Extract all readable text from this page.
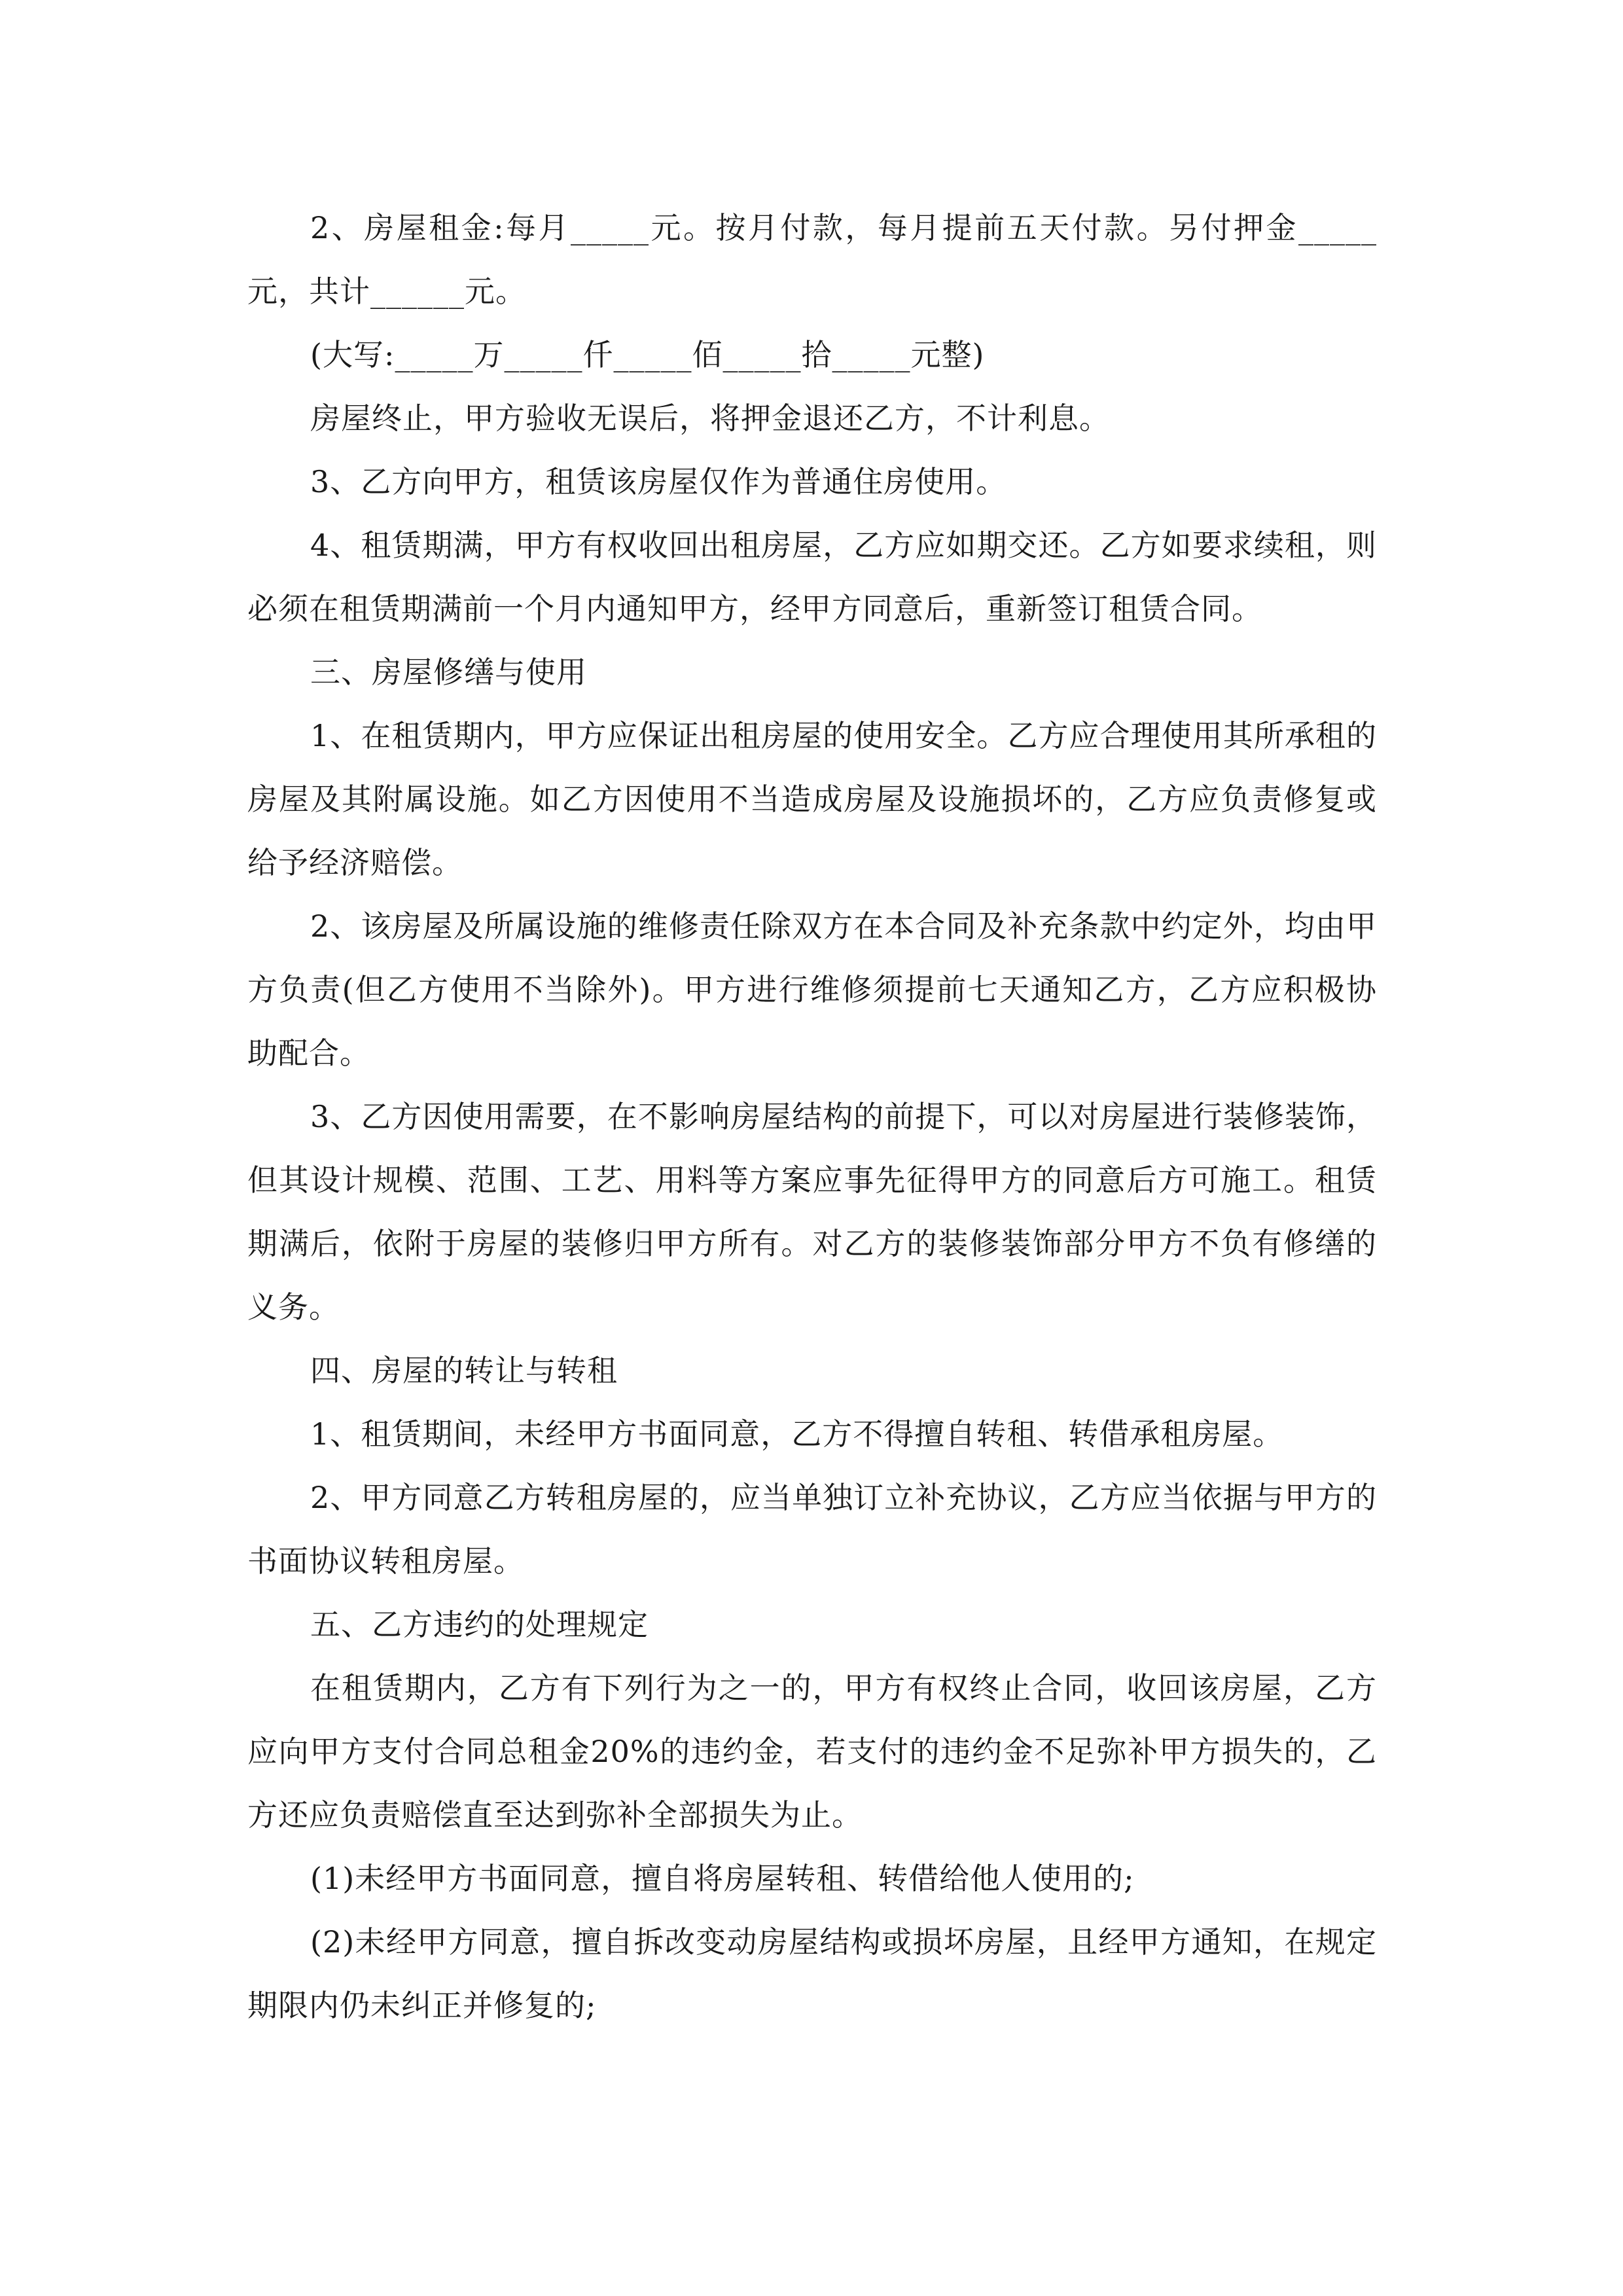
2、房屋租金:每月_____元。按月付款，每月提前五天付款。另付押金_____元，共计______元。

(大写:_____万_____仟_____佰_____拾_____元整)

房屋终止，甲方验收无误后，将押金退还乙方，不计利息。

3、乙方向甲方，租赁该房屋仅作为普通住房使用。

4、租赁期满，甲方有权收回出租房屋，乙方应如期交还。乙方如要求续租，则必须在租赁期满前一个月内通知甲方，经甲方同意后，重新签订租赁合同。

三、房屋修缮与使用

1、在租赁期内，甲方应保证出租房屋的使用安全。乙方应合理使用其所承租的房屋及其附属设施。如乙方因使用不当造成房屋及设施损坏的，乙方应负责修复或给予经济赔偿。

2、该房屋及所属设施的维修责任除双方在本合同及补充条款中约定外，均由甲方负责(但乙方使用不当除外)。甲方进行维修须提前七天通知乙方，乙方应积极协助配合。

3、乙方因使用需要，在不影响房屋结构的前提下，可以对房屋进行装修装饰，但其设计规模、范围、工艺、用料等方案应事先征得甲方的同意后方可施工。租赁期满后，依附于房屋的装修归甲方所有。对乙方的装修装饰部分甲方不负有修缮的义务。

四、房屋的转让与转租

1、租赁期间，未经甲方书面同意，乙方不得擅自转租、转借承租房屋。

2、甲方同意乙方转租房屋的，应当单独订立补充协议，乙方应当依据与甲方的书面协议转租房屋。

五、乙方违约的处理规定

在租赁期内，乙方有下列行为之一的，甲方有权终止合同，收回该房屋，乙方应向甲方支付合同总租金20%的违约金，若支付的违约金不足弥补甲方损失的，乙方还应负责赔偿直至达到弥补全部损失为止。

(1)未经甲方书面同意，擅自将房屋转租、转借给他人使用的;

(2)未经甲方同意，擅自拆改变动房屋结构或损坏房屋，且经甲方通知，在规定期限内仍未纠正并修复的;
